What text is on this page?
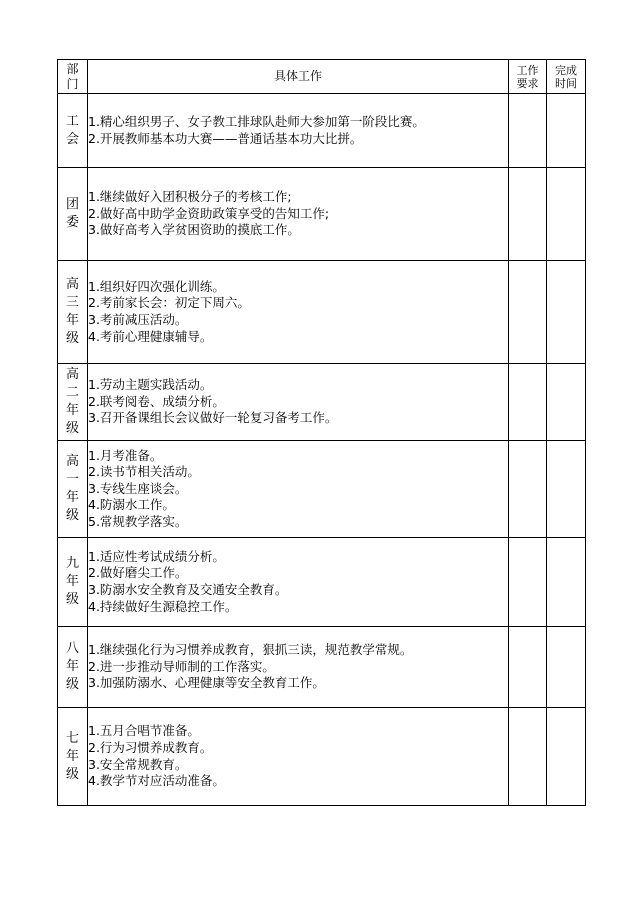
部门	具体工作	工作要求	完成时间

工会	1.精心组织男子、女子教工排球队赴师大参加第一阶段比赛。
2.开展教师基本功大赛——普通话基本功大比拼。		

团委	1.继续做好入团积极分子的考核工作;
2.做好高中助学金资助政策享受的告知工作;
3.做好高考入学贫困资助的摸底工作。		

高三年级	1.组织好四次强化训练。
2.考前家长会：初定下周六。
3.考前减压活动。
4.考前心理健康辅导。		

高二年级	1.劳动主题实践活动。
2.联考阅卷、成绩分析。
3.召开备课组长会议做好一轮复习备考工作。		

高一年级	1.月考准备。
2.读书节相关活动。
3.专线生座谈会。
4.防溺水工作。
5.常规教学落实。		

九年级	1.适应性考试成绩分析。
2.做好磨尖工作。
3.防溺水安全教育及交通安全教育。
4.持续做好生源稳控工作。		

八年级	1.继续强化行为习惯养成教育，狠抓三读，规范教学常规。
2.进一步推动导师制的工作落实。
3.加强防溺水、心理健康等安全教育工作。		

七年级	1.五月合唱节准备。
2.行为习惯养成教育。
3.安全常规教育。
4.教学节对应活动准备。		
